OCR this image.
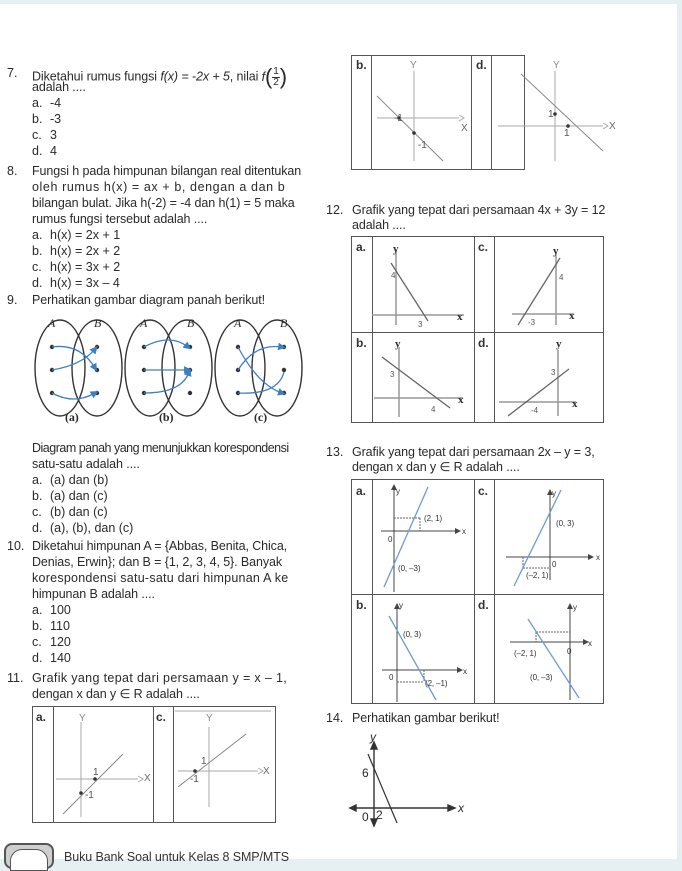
7. Diketahui rumus fungsi f(x) = -2x + 5, nilai f ( 1
2 )
adalah ....
a. -4
b. -3
c. 3
d. 4
8. Fungsi h pada himpunan bilangan real ditentukan
oleh rumus h(x) = ax + b, dengan a dan b
bilangan bulat. Jika h(-2) = -4 dan h(1) = 5 maka
rumus fungsi tersebut adalah ....
a. h(x) = 2x + 1
b. h(x) = 2x + 2
c. h(x) = 3x + 2
d. h(x) = 3x – 4
9. Perhatikan gambar diagram panah berikut!
A	B	A	B	A	B
(a)	(b)	(c)
Diagram panah yang menunjukkan korespondensi
satu-satu adalah ....
a. (a) dan (b)
b. (a) dan (c)
c. (b) dan (c)
d. (a), (b), dan (c)
10. Diketahui himpunan A = {Abbas, Benita, Chica,
Denias, Erwin}; dan B = {1, 2, 3, 4, 5}. Banyak
korespondensi satu-satu dari himpunan A ke
himpunan B adalah ....
a. 100
b. 110
c. 120
d. 140
11. Grafik yang tepat dari persamaan y = x – 1,
dengan x dan y ∈ R adalah ....
a.	c.
Y
X
1
-1
Y
X
1
-1
b.	d.
Y
X
-1
-1
Y
X
1
1
12. Grafik yang tepat dari persamaan 4x + 3y = 12
adalah ....
a.	c.
b.	d.
y
x
4
3
y
x
4
-3
y
x
3
4
y
x
3
-4
13. Grafik yang tepat dari persamaan 2x – y = 3,
dengan x dan y ∈ R adalah ....
a.	c.
b.	d.
y
x
0
(2, 1)
(0, –3)
y
x
0
(0, 3)
(–2, 1)
y
x
0
(0, 3)
(2, –1)
y
x
0
(–2, 1)
(0, –3)
14. Perhatikan gambar berikut!
y
x
6
2
0
Buku Bank Soal untuk Kelas 8 SMP/MTS
